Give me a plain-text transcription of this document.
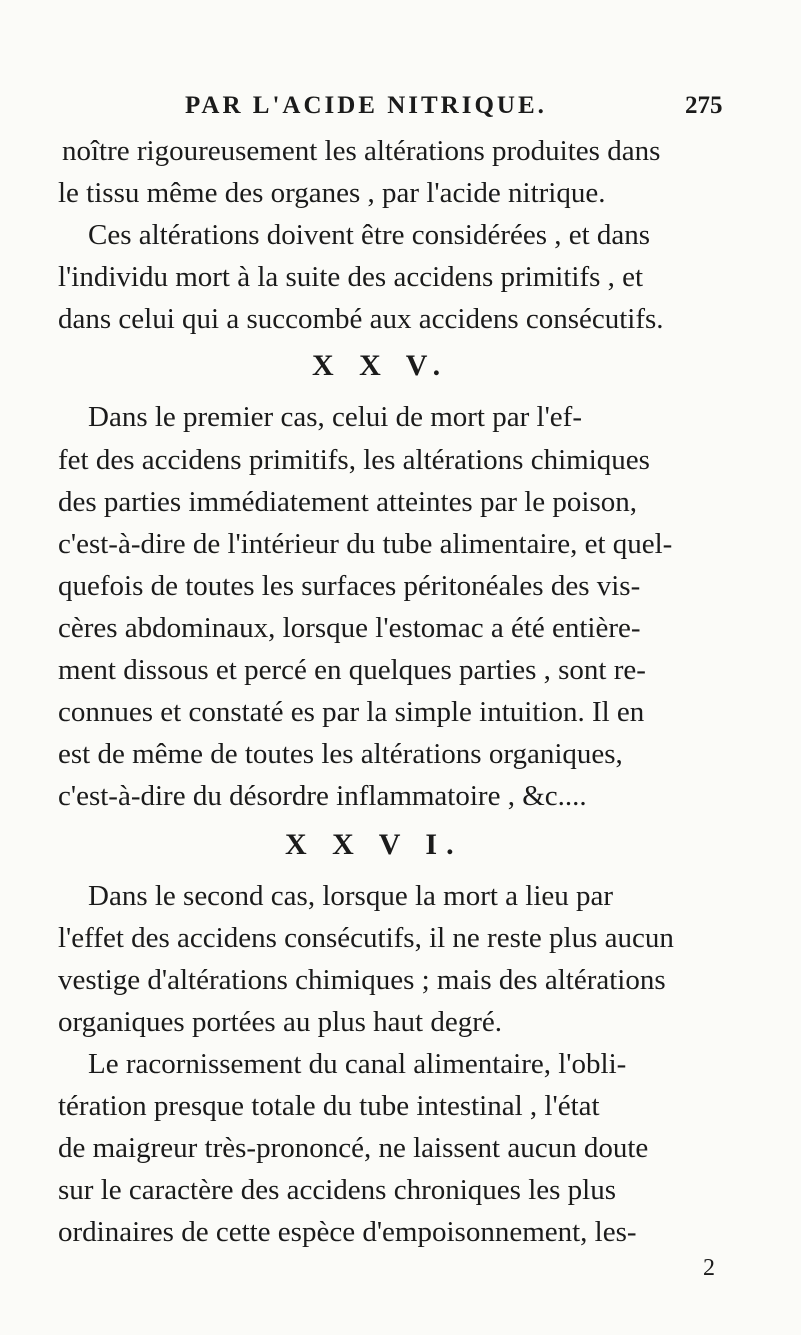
PAR L'ACIDE NITRIQUE.	275
noître rigoureusement les altérations produites dans
le tissu même des organes , par l'acide nitrique.
Ces altérations doivent être considérées , et dans
l'individu mort à la suite des accidens primitifs , et
dans celui qui a succombé aux accidens consécutifs.
X X V.
Dans le premier cas, celui de mort par l'ef-
fet des accidens primitifs, les altérations chimiques
des parties immédiatement atteintes par le poison,
c'est-à-dire de l'intérieur du tube alimentaire, et quel-
quefois de toutes les surfaces péritonéales des vis-
cères abdominaux, lorsque l'estomac a été entière-
ment dissous et percé en quelques parties , sont re-
connues et constaté es par la simple intuition. Il en
est de même de toutes les altérations organiques,
c'est-à-dire du désordre inflammatoire , &c....
X X V I.
Dans le second cas, lorsque la mort a lieu par
l'effet des accidens consécutifs, il ne reste plus aucun
vestige d'altérations chimiques ; mais des altérations
organiques portées au plus haut degré.
Le racornissement du canal alimentaire, l'obli-
tération presque totale du tube intestinal , l'état
de maigreur très-prononcé, ne laissent aucun doute
sur le caractère des accidens chroniques les plus
ordinaires de cette espèce d'empoisonnement, les-
2
